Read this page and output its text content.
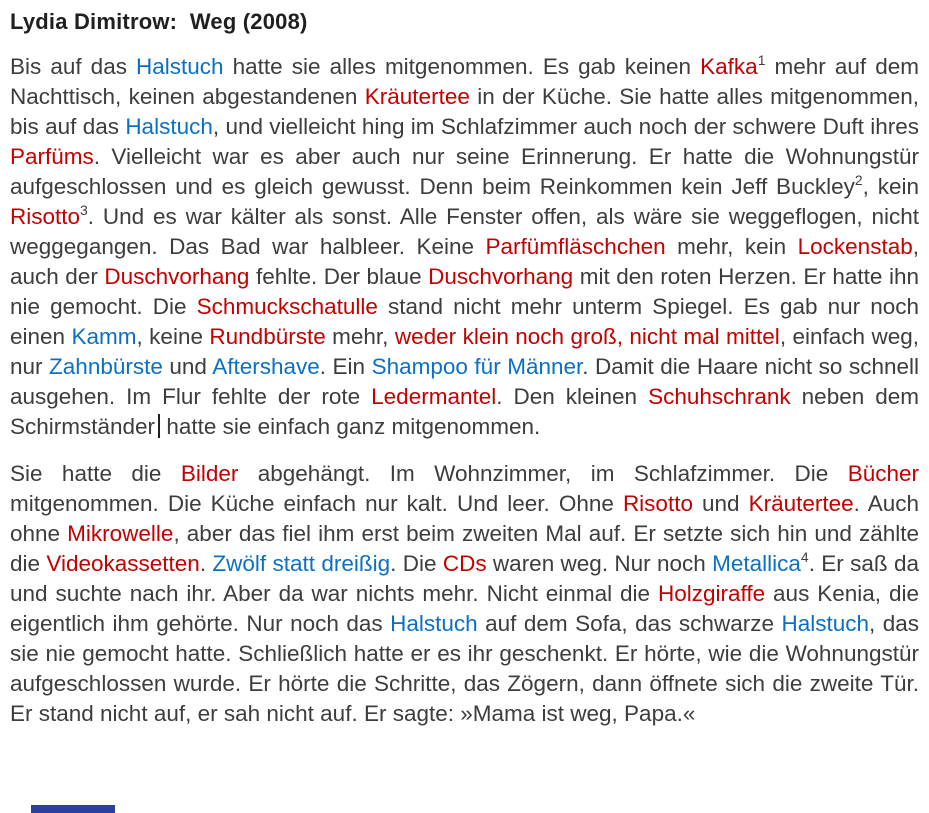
Lydia Dimitrow:  Weg (2008)

Bis auf das Halstuch hatte sie alles mitgenommen. Es gab keinen Kafka$^1$ mehr auf dem Nachttisch, keinen abgestandenen Kräutertee in der Küche. Sie hatte alles mitgenommen, bis auf das Halstuch, und vielleicht hing im Schlafzimmer auch noch der schwere Duft ihres Parfüms. Vielleicht war es aber auch nur seine Erinnerung. Er hatte die Wohnungstür aufgeschlossen und es gleich gewusst. Denn beim Reinkommen kein Jeff Buckley$^2$, kein Risotto$^3$. Und es war kälter als sonst. Alle Fenster offen, als wäre sie weggeflogen, nicht weggegangen. Das Bad war halbleer. Keine Parfümfläschchen mehr, kein Lockenstab, auch der Duschvorhang fehlte. Der blaue Duschvorhang mit den roten Herzen. Er hatte ihn nie gemocht. Die Schmuckschatulle stand nicht mehr unterm Spiegel. Es gab nur noch einen Kamm, keine Rundbürste mehr, weder klein noch groß, nicht mal mittel, einfach weg, nur Zahnbürste und Aftershave. Ein Shampoo für Männer. Damit die Haare nicht so schnell ausgehen. Im Flur fehlte der rote Ledermantel. Den kleinen Schuhschrank neben dem Schirmständer hatte sie einfach ganz mitgenommen.

Sie hatte die Bilder abgehängt. Im Wohnzimmer, im Schlafzimmer. Die Bücher mitgenommen. Die Küche einfach nur kalt. Und leer. Ohne Risotto und Kräutertee. Auch ohne Mikrowelle, aber das fiel ihm erst beim zweiten Mal auf. Er setzte sich hin und zählte die Videokassetten. Zwölf statt dreißig. Die CDs waren weg. Nur noch Metallica$^4$. Er saß da und suchte nach ihr. Aber da war nichts mehr. Nicht einmal die Holzgiraffe aus Kenia, die eigentlich ihm gehörte. Nur noch das Halstuch auf dem Sofa, das schwarze Halstuch, das sie nie gemocht hatte. Schließlich hatte er es ihr geschenkt. Er hörte, wie die Wohnungstür aufgeschlossen wurde. Er hörte die Schritte, das Zögern, dann öffnete sich die zweite Tür. Er stand nicht auf, er sah nicht auf. Er sagte: »Mama ist weg, Papa.«
